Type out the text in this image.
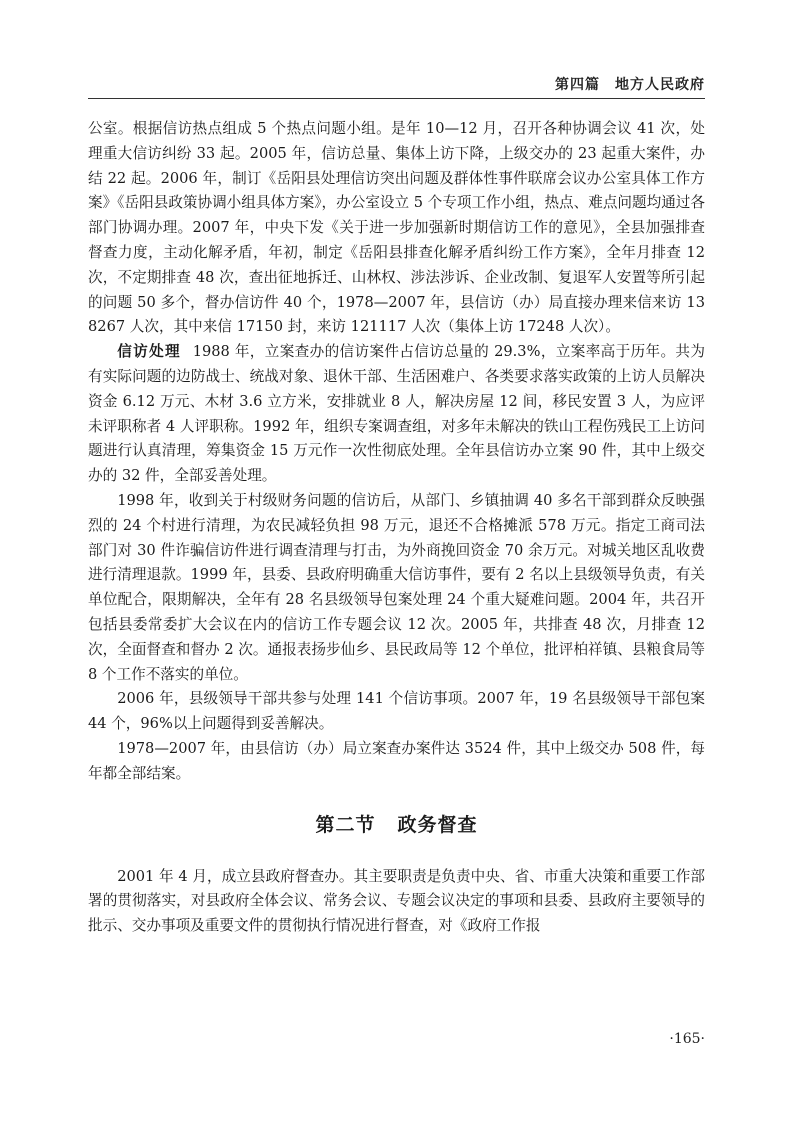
第四篇　地方人民政府

公室。根据信访热点组成 5 个热点问题小组。是年 10—12 月，召开各种协调会议 41 次，处理重大信访纠纷 33 起。2005 年，信访总量、集体上访下降，上级交办的 23 起重大案件，办结 22 起。2006 年，制订《岳阳县处理信访突出问题及群体性事件联席会议办公室具体工作方案》《岳阳县政策协调小组具体方案》，办公室设立 5 个专项工作小组，热点、难点问题均通过各部门协调办理。2007 年，中央下发《关于进一步加强新时期信访工作的意见》，全县加强排查督查力度，主动化解矛盾，年初，制定《岳阳县排查化解矛盾纠纷工作方案》，全年月排查 12 次，不定期排查 48 次，查出征地拆迁、山林权、涉法涉诉、企业改制、复退军人安置等所引起的问题 50 多个，督办信访件 40 个，1978—2007 年，县信访（办）局直接办理来信来访 138267 人次，其中来信 17150 封，来访 121117 人次（集体上访 17248 人次）。

信访处理 1988 年，立案查办的信访案件占信访总量的 29.3%，立案率高于历年。共为有实际问题的边防战士、统战对象、退休干部、生活困难户、各类要求落实政策的上访人员解决资金 6.12 万元、木材 3.6 立方米，安排就业 8 人，解决房屋 12 间，移民安置 3 人，为应评未评职称者 4 人评职称。1992 年，组织专案调查组，对多年未解决的铁山工程伤残民工上访问题进行认真清理，筹集资金 15 万元作一次性彻底处理。全年县信访办立案 90 件，其中上级交办的 32 件，全部妥善处理。

1998 年，收到关于村级财务问题的信访后，从部门、乡镇抽调 40 多名干部到群众反映强烈的 24 个村进行清理，为农民减轻负担 98 万元，退还不合格摊派 578 万元。指定工商司法部门对 30 件诈骗信访件进行调查清理与打击，为外商挽回资金 70 余万元。对城关地区乱收费进行清理退款。1999 年，县委、县政府明确重大信访事件，要有 2 名以上县级领导负责，有关单位配合，限期解决，全年有 28 名县级领导包案处理 24 个重大疑难问题。2004 年，共召开包括县委常委扩大会议在内的信访工作专题会议 12 次。2005 年，共排查 48 次，月排查 12 次，全面督查和督办 2 次。通报表扬步仙乡、县民政局等 12 个单位，批评柏祥镇、县粮食局等 8 个工作不落实的单位。

2006 年，县级领导干部共参与处理 141 个信访事项。2007 年，19 名县级领导干部包案 44 个，96%以上问题得到妥善解决。

1978—2007 年，由县信访（办）局立案查办案件达 3524 件，其中上级交办 508 件，每年都全部结案。

第二节 政务督查

2001 年 4 月，成立县政府督查办。其主要职责是负责中央、省、市重大决策和重要工作部署的贯彻落实，对县政府全体会议、常务会议、专题会议决定的事项和县委、县政府主要领导的批示、交办事项及重要文件的贯彻执行情况进行督查，对《政府工作报

·165·
